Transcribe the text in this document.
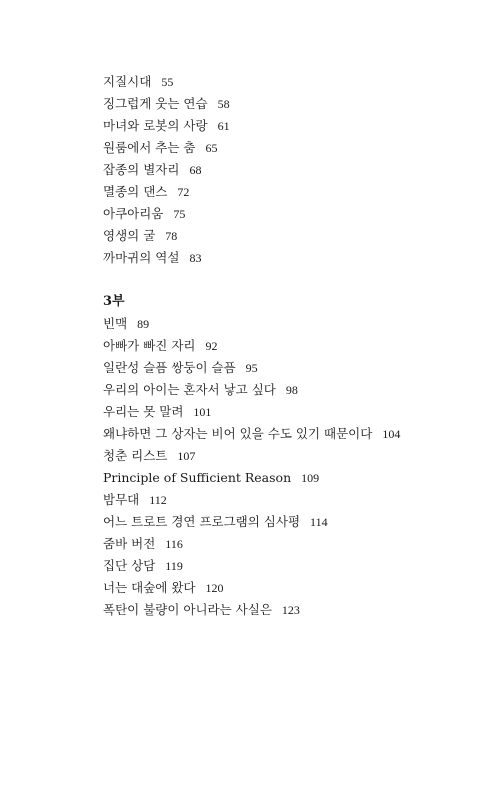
지질시대 55
징그럽게 웃는 연습 58
마녀와 로봇의 사랑 61
원룸에서 추는 춤 65
잡종의 별자리 68
멸종의 댄스 72
아쿠아리움 75
영생의 굴 78
까마귀의 역설 83
3부
빈맥 89
아빠가 빠진 자리 92
일란성 슬픔 쌍둥이 슬픔 95
우리의 아이는 혼자서 낳고 싶다 98
우리는 못 말려 101
왜냐하면 그 상자는 비어 있을 수도 있기 때문이다 104
청춘 리스트 107
Principle of Sufficient Reason 109
밤무대 112
어느 트로트 경연 프로그램의 심사평 114
줌바 버전 116
집단 상담 119
너는 대숲에 왔다 120
폭탄이 불량이 아니라는 사실은 123
